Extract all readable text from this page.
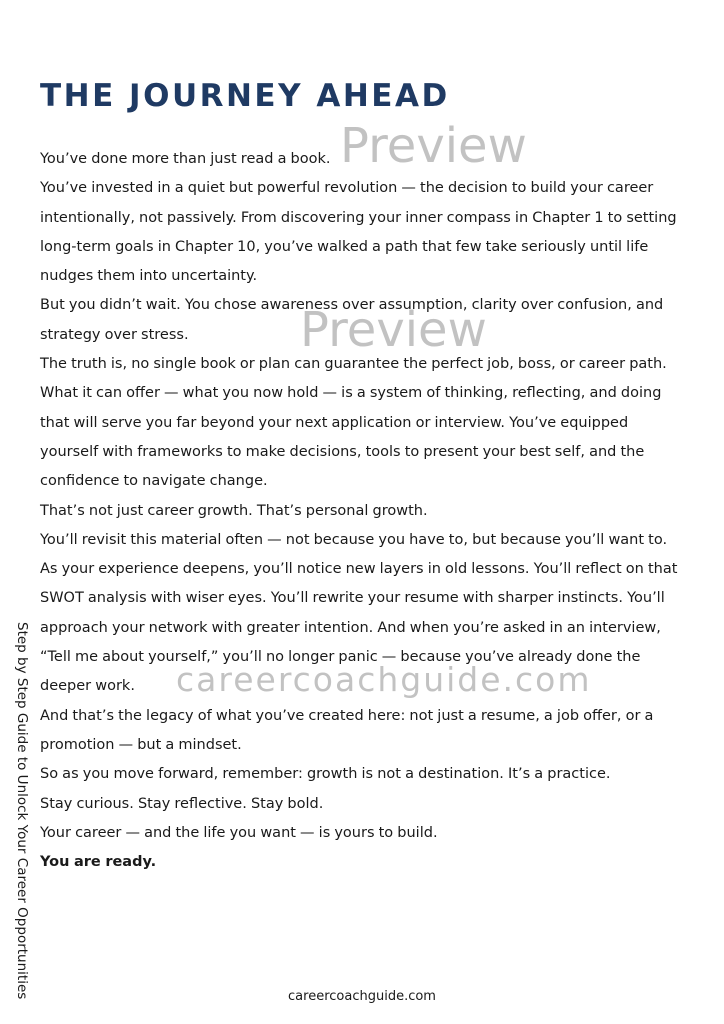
THE JOURNEY AHEAD

You’ve done more than just read a book.

You’ve invested in a quiet but powerful revolution — the decision to build your career intentionally, not passively. From discovering your inner compass in Chapter 1 to setting long-term goals in Chapter 10, you’ve walked a path that few take seriously until life nudges them into uncertainty.

But you didn’t wait. You chose awareness over assumption, clarity over confusion, and strategy over stress.

The truth is, no single book or plan can guarantee the perfect job, boss, or career path. What it can offer — what you now hold — is a system of thinking, reflecting, and doing that will serve you far beyond your next application or interview. You’ve equipped yourself with frameworks to make decisions, tools to present your best self, and the confidence to navigate change.

That’s not just career growth. That’s personal growth.

You’ll revisit this material often — not because you have to, but because you’ll want to. As your experience deepens, you’ll notice new layers in old lessons. You’ll reflect on that SWOT analysis with wiser eyes. You’ll rewrite your resume with sharper instincts. You’ll approach your network with greater intention. And when you’re asked in an interview, “Tell me about yourself,” you’ll no longer panic — because you’ve already done the deeper work.

And that’s the legacy of what you’ve created here: not just a resume, a job offer, or a promotion — but a mindset.

So as you move forward, remember: growth is not a destination. It’s a practice.

Stay curious. Stay reflective. Stay bold.

Your career — and the life you want — is yours to build.

You are ready.

Preview
Preview
careercoachguide.com
Step by Step Guide to Unlock Your Career Opportunities	careercoachguide.com
